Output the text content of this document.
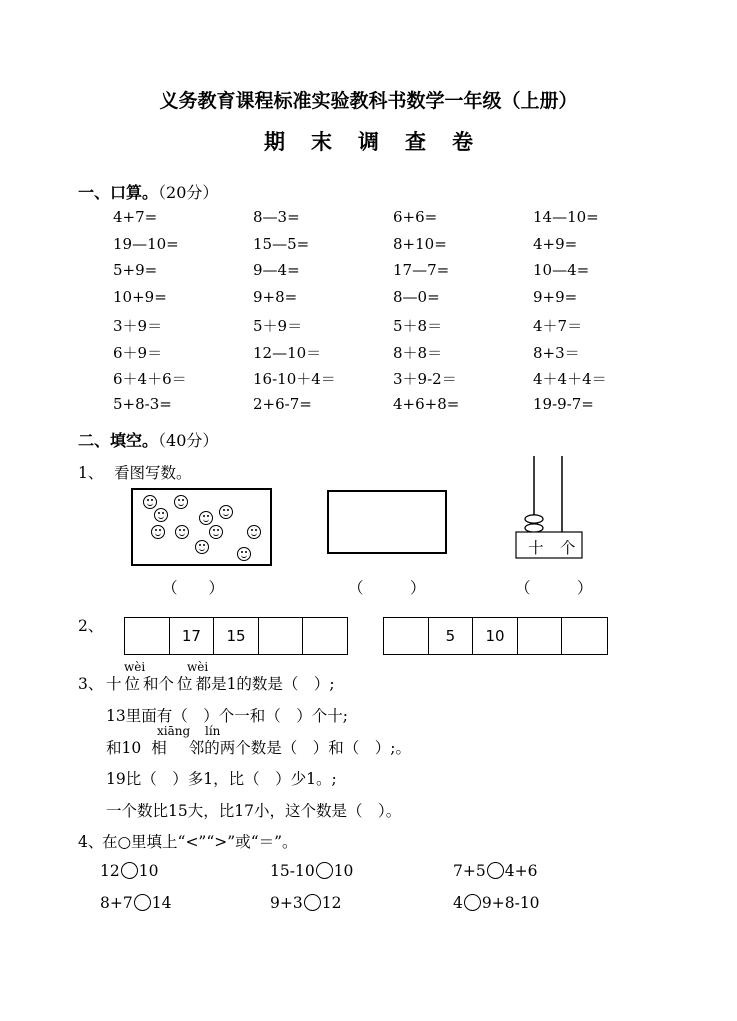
义务教育课程标准实验教科书数学一年级（上册）
期末调查卷
一、口算。（20分）
4+7=	8—3=	6+6=	14—10=
19—10=	15—5=	8+10=	4+9=
5+9=	9—4=	17—7=	10—4=
10+9=	9+8=	8—0=	9+9=
3＋9＝	5＋9＝	5＋8＝	4＋7＝
6＋9＝	12—10＝	8＋8＝	8+3＝
6＋4＋6＝	16-10＋4＝	3＋9-2＝	4＋4＋4＝
5+8-3=	2+6-7=	4+6+8=	19-9-7=
二、填空。（40分）
1、 看图写数。
十 个
（　　）	（　　　）	（　　　）
2、
17	15	5	10
wèi	wèi
3、 十 位 和个 位 都是1的数是（　）;
13里面有（　）个一和（　）个十;
xiāng lín
和10 相 邻的两个数是（　）和（　）;。
19比（　）多1，比（　）少1。;
一个数比15大，比17小，这个数是（　）。
4、
在○里填上“<”“>”或“＝”。
12 10	15-10 10	7+5 4+6
8+7 14	9+3 12	4 9+8-10
